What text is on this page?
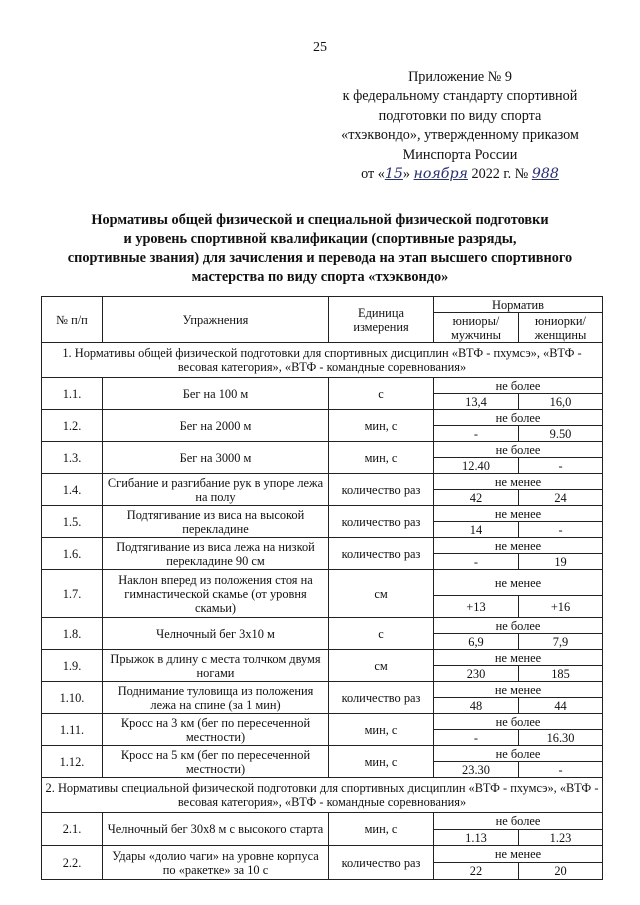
25
Приложение № 9
к федеральному стандарту спортивной
подготовки по виду спорта
«тхэквондо», утвержденному приказом
Минспорта России
от «15» ноября 2022 г. № 988
Нормативы общей физической и специальной физической подготовки
и уровень спортивной квалификации (спортивные разряды,
спортивные звания) для зачисления и перевода на этап высшего спортивного
мастерства по виду спорта «тхэквондо»
№ п/п	Упражнения	Единица измерения	Норматив	
			юниоры/ мужчины	юниорки/ женщины
1. Нормативы общей физической подготовки для спортивных дисциплин «ВТФ - пхумсэ», «ВТФ - весовая категория», «ВТФ - командные соревнования»				
1.1.	Бег на 100 м	с	не более	
			13,4	16,0
1.2.	Бег на 2000 м	мин, с	не более	
			-	9.50
1.3.	Бег на 3000 м	мин, с	не более	
			12.40	-
1.4.	Сгибание и разгибание рук в упоре лежа на полу	количество раз	не менее	
			42	24
1.5.	Подтягивание из виса на высокой перекладине	количество раз	не менее	
			14	-
1.6.	Подтягивание из виса лежа на низкой перекладине 90 см	количество раз	не менее	
			-	19
1.7.	Наклон вперед из положения стоя на гимнастической скамье (от уровня скамьи)	см	не менее	
			+13	+16
1.8.	Челночный бег 3x10 м	с	не более	
			6,9	7,9
1.9.	Прыжок в длину с места толчком двумя ногами	см	не менее	
			230	185
1.10.	Поднимание туловища из положения лежа на спине (за 1 мин)	количество раз	не менее	
			48	44
1.11.	Кросс на 3 км (бег по пересеченной местности)	мин, с	не более	
			-	16.30
1.12.	Кросс на 5 км (бег по пересеченной местности)	мин, с	не более	
			23.30	-
2. Нормативы специальной физической подготовки для спортивных дисциплин «ВТФ - пхумсэ», «ВТФ - весовая категория», «ВТФ - командные соревнования»				
2.1.	Челночный бег 30x8 м с высокого старта	мин, с	не более	
			1.13	1.23
2.2.	Удары «долио чаги» на уровне корпуса по «ракетке» за 10 с	количество раз	не менее	
			22	20
